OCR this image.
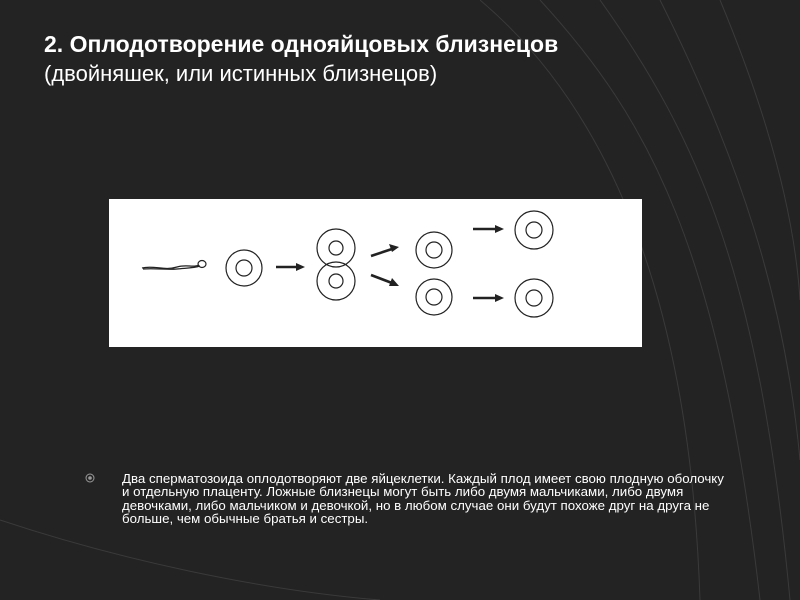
2. Оплодотворение однояйцовых близнецов
(двойняшек, или истинных близнецов)
Два сперматозоида оплодотворяют две яйцеклетки. Каждый плод имеет свою плодную оболочку и отдельную плаценту. Ложные близнецы могут быть либо двумя мальчиками, либо двумя девочками, либо мальчиком и девочкой, но в любом случае они будут похоже друг на друга не больше, чем обычные братья и сестры.
